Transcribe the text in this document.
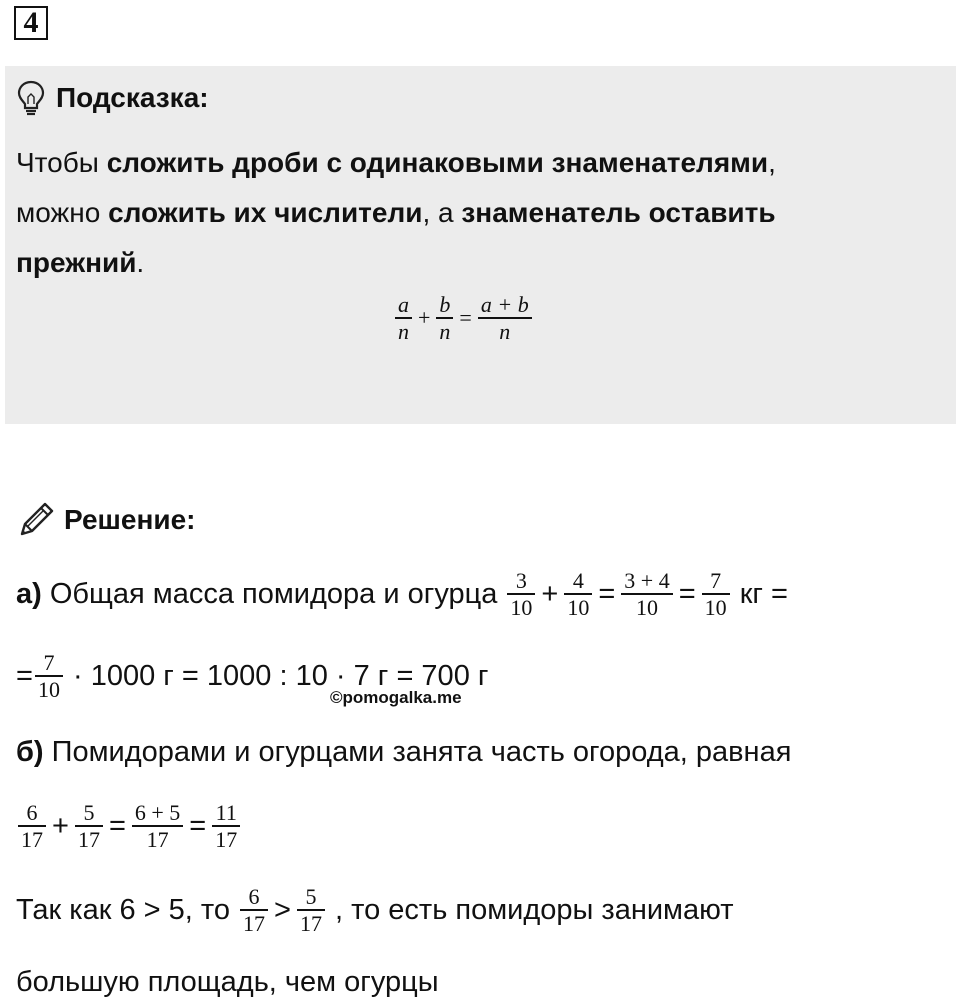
4
Подсказка:
Чтобы сложить дроби с одинаковыми знаменателями,
можно сложить их числители, а знаменатель оставить
прежний.
$\frac{a}{n} + \frac{b}{n} = \frac{a + b}{n}$
Решение:
а) Общая масса помидора и огурца $\frac{3}{10} + \frac{4}{10} = \frac{3 + 4}{10} = \frac{7}{10}$ кг =
= $\frac{7}{10} \cdot 1000$ г = 1000 : 10 · 7 г = 700 г
©pomogalka.me
б) Помидорами и огурцами занята часть огорода, равная
$\frac{6}{17} + \frac{5}{17} = \frac{6 + 5}{17} = \frac{11}{17}$
Так как 6 > 5, то $\frac{6}{17} > \frac{5}{17}$ , то есть помидоры занимают
большую площадь, чем огурцы
